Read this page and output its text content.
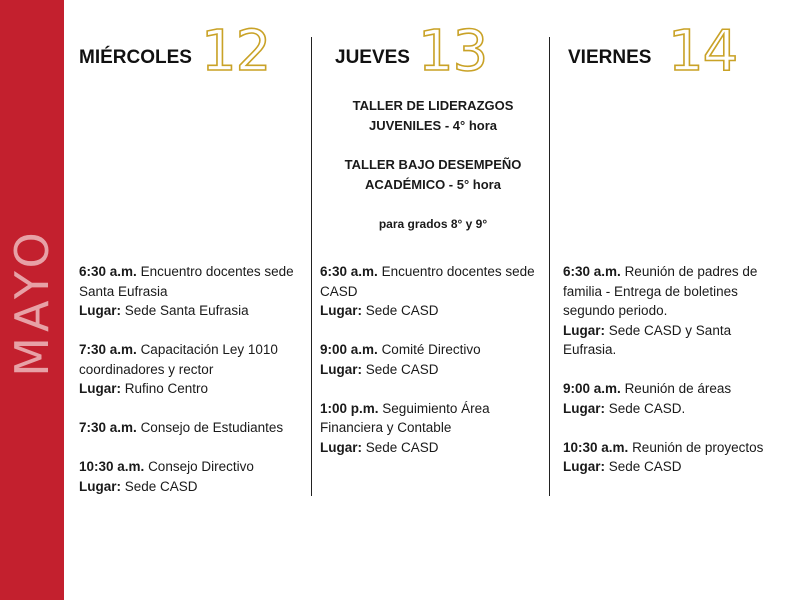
MAYO
MIÉRCOLES 12	JUEVES 13	VIERNES 14

TALLER DE LIDERAZGOS JUVENILES - 4° hora

TALLER BAJO DESEMPEÑO ACADÉMICO - 5° hora

para grados 8° y 9°

6:30 a.m. Encuentro docentes sede Santa Eufrasia
Lugar: Sede Santa Eufrasia
7:30 a.m. Capacitación Ley 1010 coordinadores y rector
Lugar: Rufino Centro
7:30 a.m. Consejo de Estudiantes
10:30 a.m. Consejo Directivo
Lugar: Sede CASD
6:30 a.m. Encuentro docentes sede CASD
Lugar: Sede CASD
9:00 a.m. Comité Directivo
Lugar: Sede CASD
1:00 p.m. Seguimiento Área Financiera y Contable
Lugar: Sede CASD
6:30 a.m. Reunión de padres de familia - Entrega de boletines segundo periodo.
Lugar: Sede CASD y Santa Eufrasia.
9:00 a.m. Reunión de áreas
Lugar: Sede CASD.
10:30 a.m. Reunión de proyectos
Lugar: Sede CASD
